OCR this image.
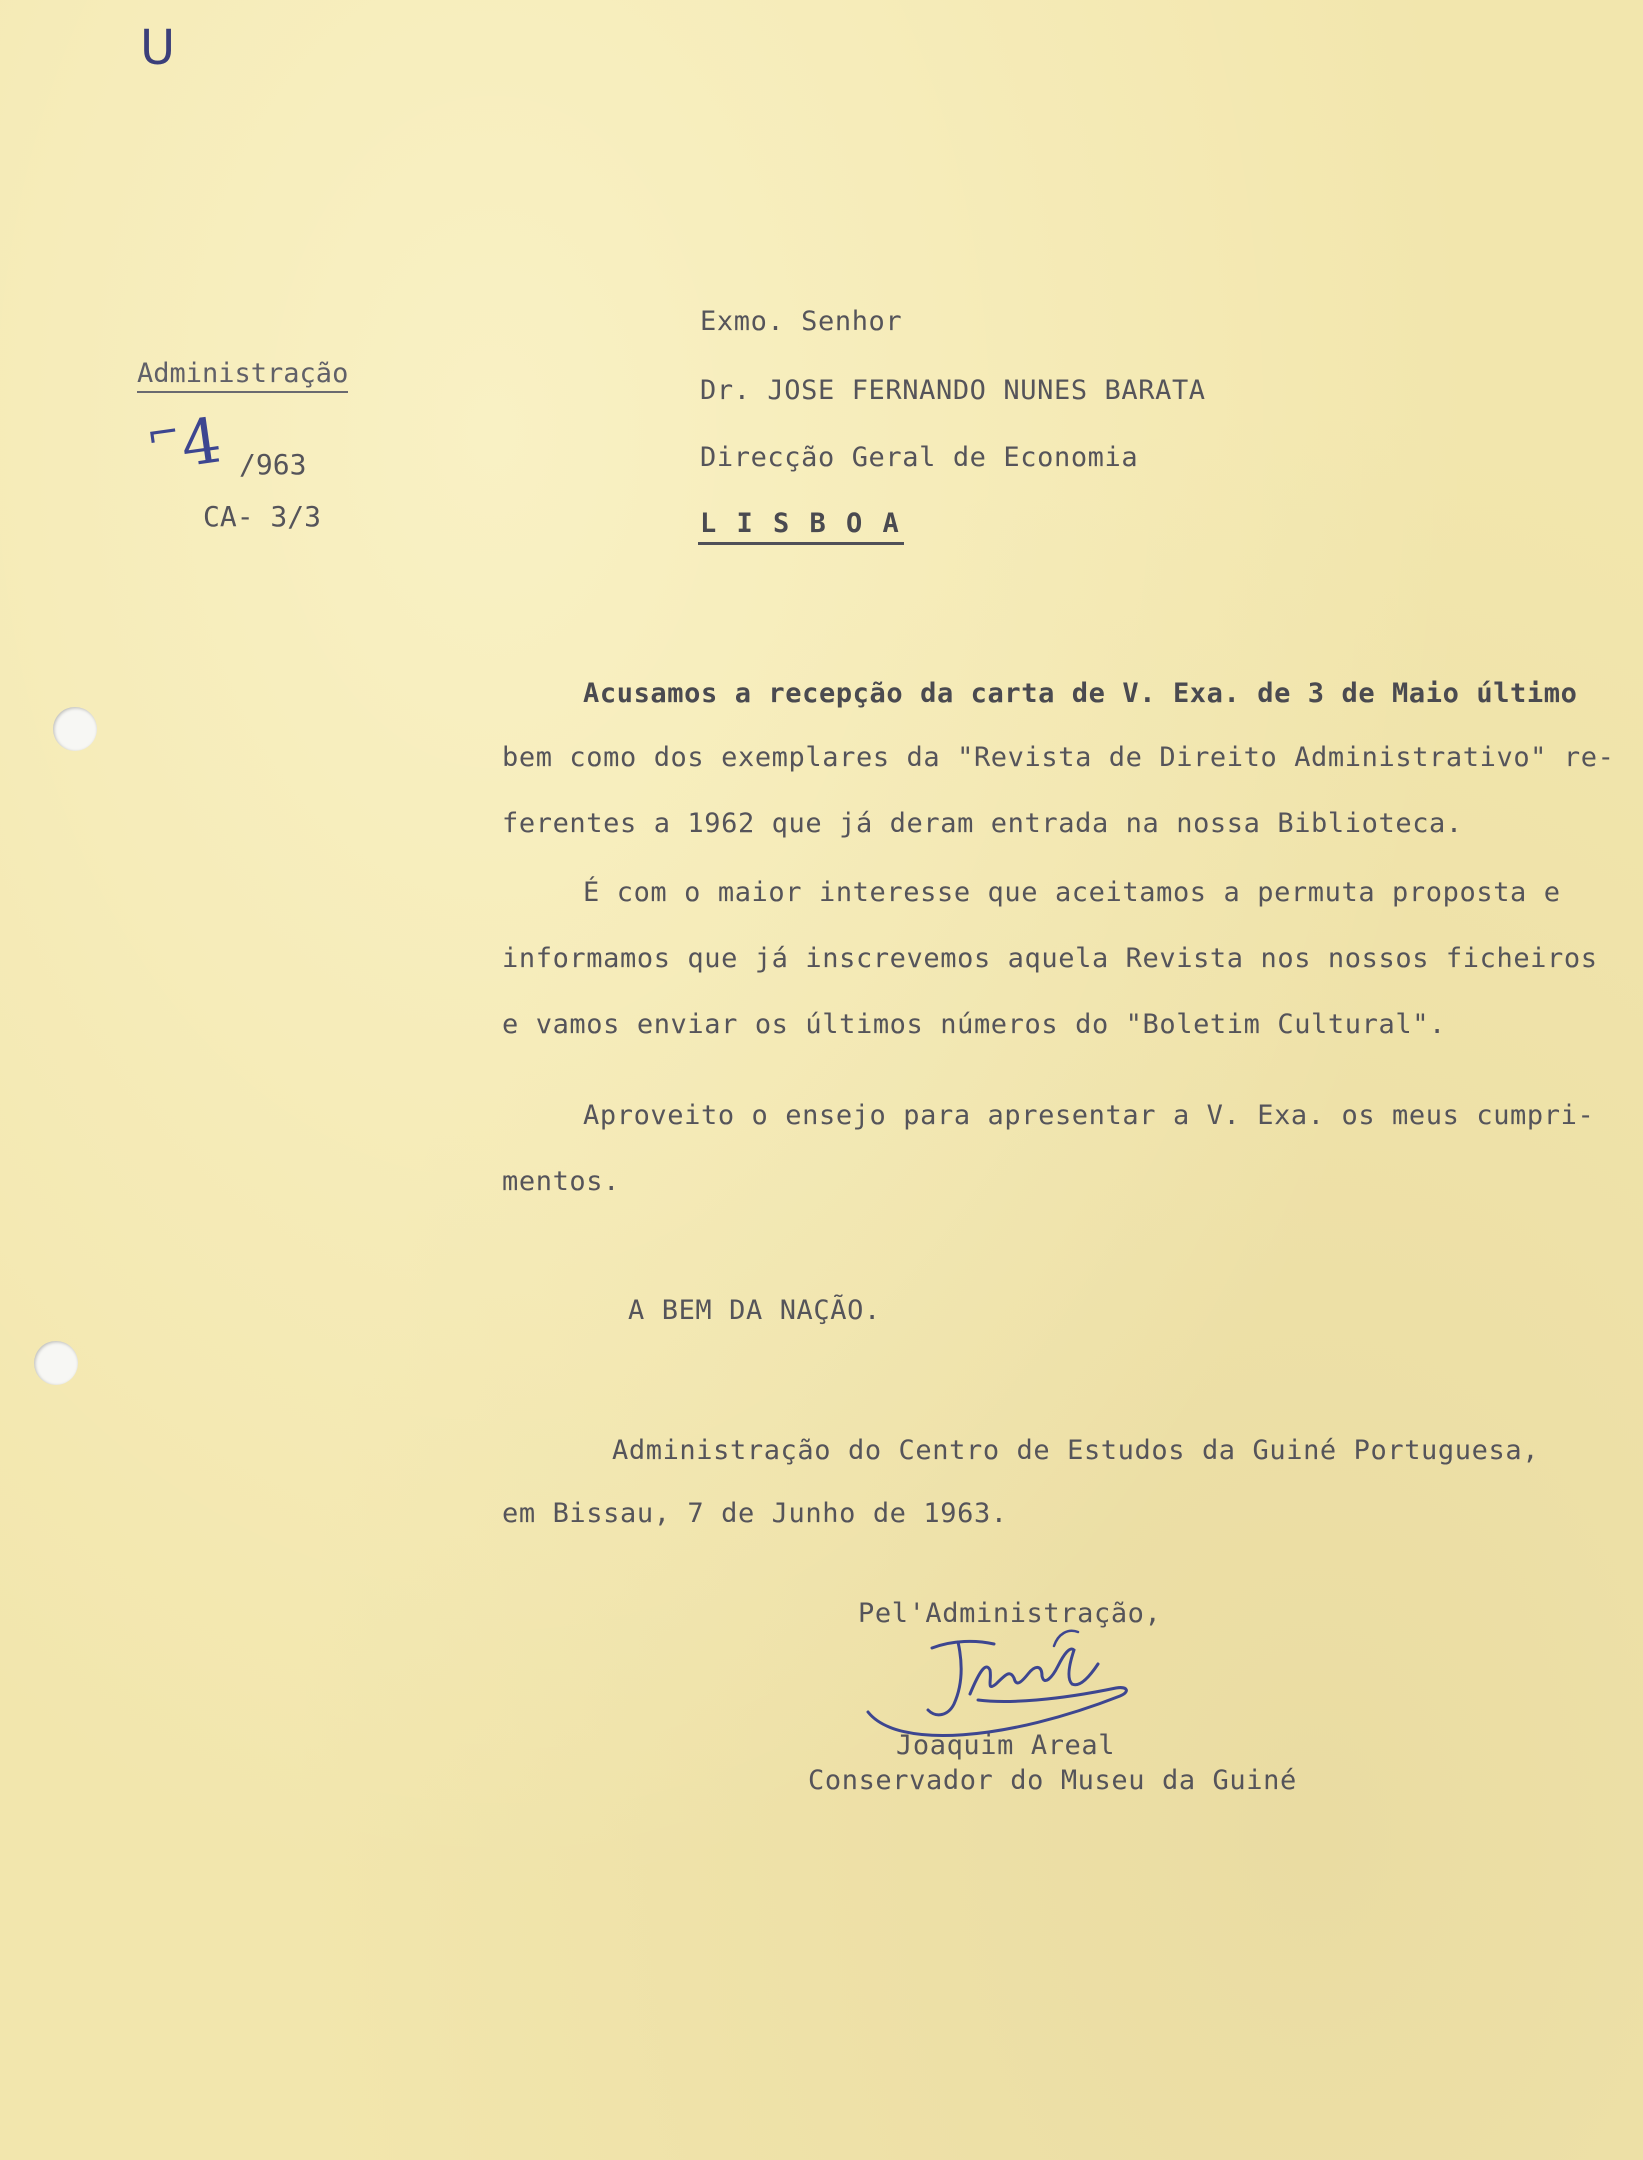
U
Administração
⌐4 /963
CA- 3/3
Exmo. Senhor
Dr. JOSE FERNANDO NUNES BARATA
Direcção Geral de Economia
L I S B O A
Acusamos a recepção da carta de V. Exa. de 3 de Maio último
bem como dos exemplares da "Revista de Direito Administrativo" re-
ferentes a 1962 que já deram entrada na nossa Biblioteca.
É com o maior interesse que aceitamos a permuta proposta e
informamos que já inscrevemos aquela Revista nos nossos ficheiros
e vamos enviar os últimos números do "Boletim Cultural".
Aproveito o ensejo para apresentar a V. Exa. os meus cumpri-
mentos.
A BEM DA NAÇÃO.
Administração do Centro de Estudos da Guiné Portuguesa,
em Bissau, 7 de Junho de 1963.
Pel'Administração,
Joaquim Areal
Conservador do Museu da Guiné
